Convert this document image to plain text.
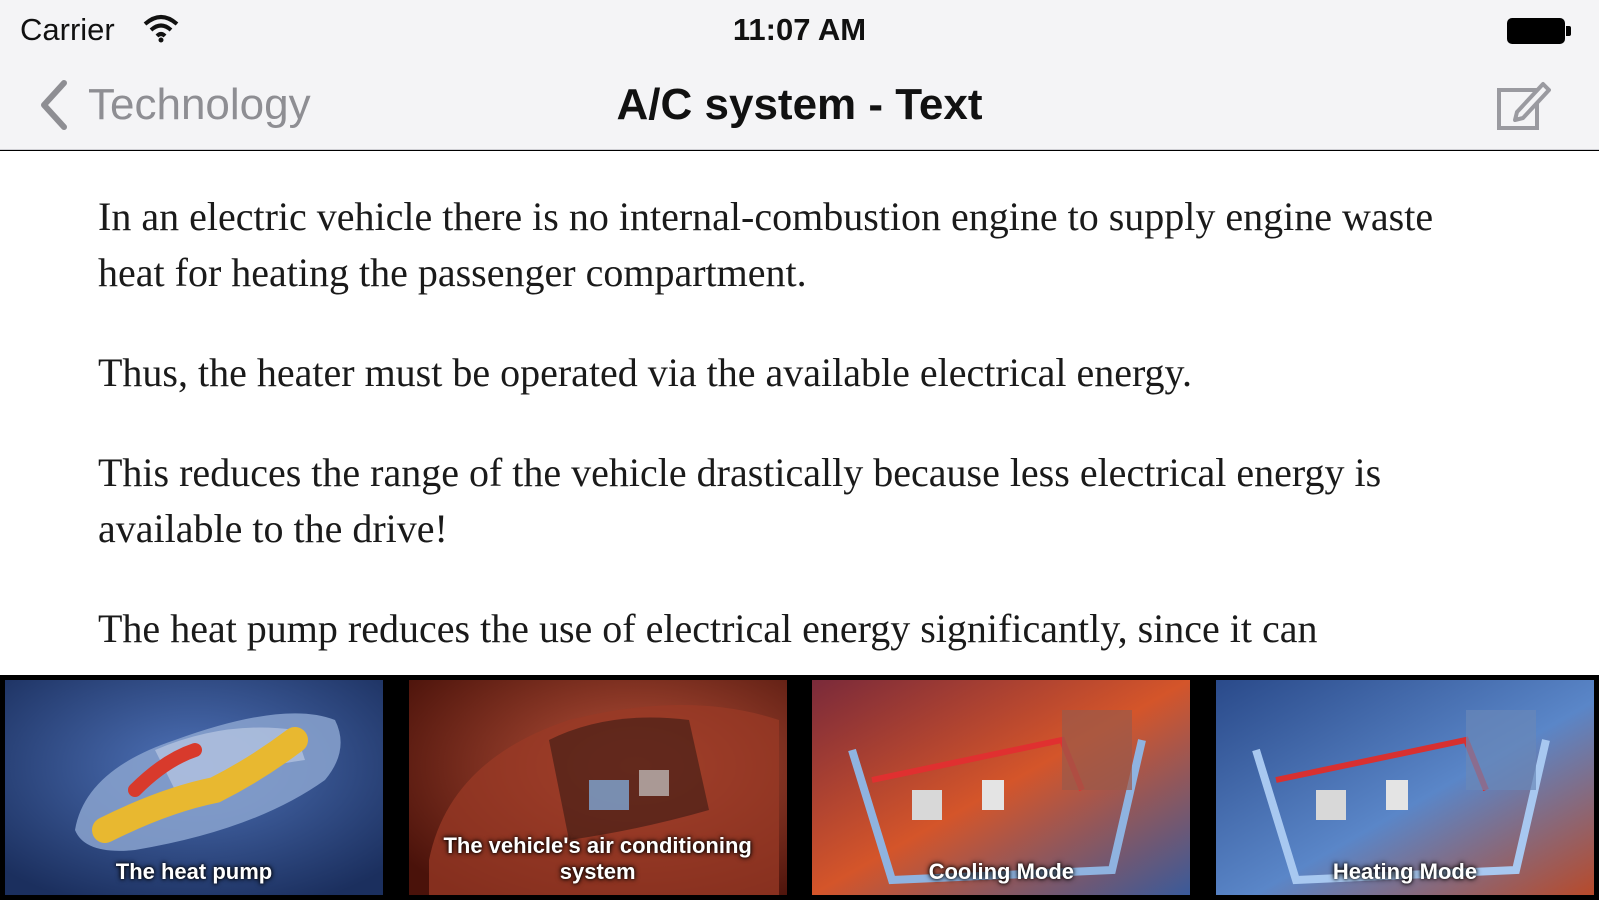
Carrier	11:07 AM
Technology	A/C system - Text

In an electric vehicle there is no internal-combustion engine to supply engine waste heat for heating the passenger compartment.

Thus, the heater must be operated via the available electrical energy.

This reduces the range of the vehicle drastically because less electrical energy is available to the drive!

The heat pump reduces the use of electrical energy significantly, since it can

The heat pump
The vehicle's air conditioning system	Cooling Mode	Heating Mode
